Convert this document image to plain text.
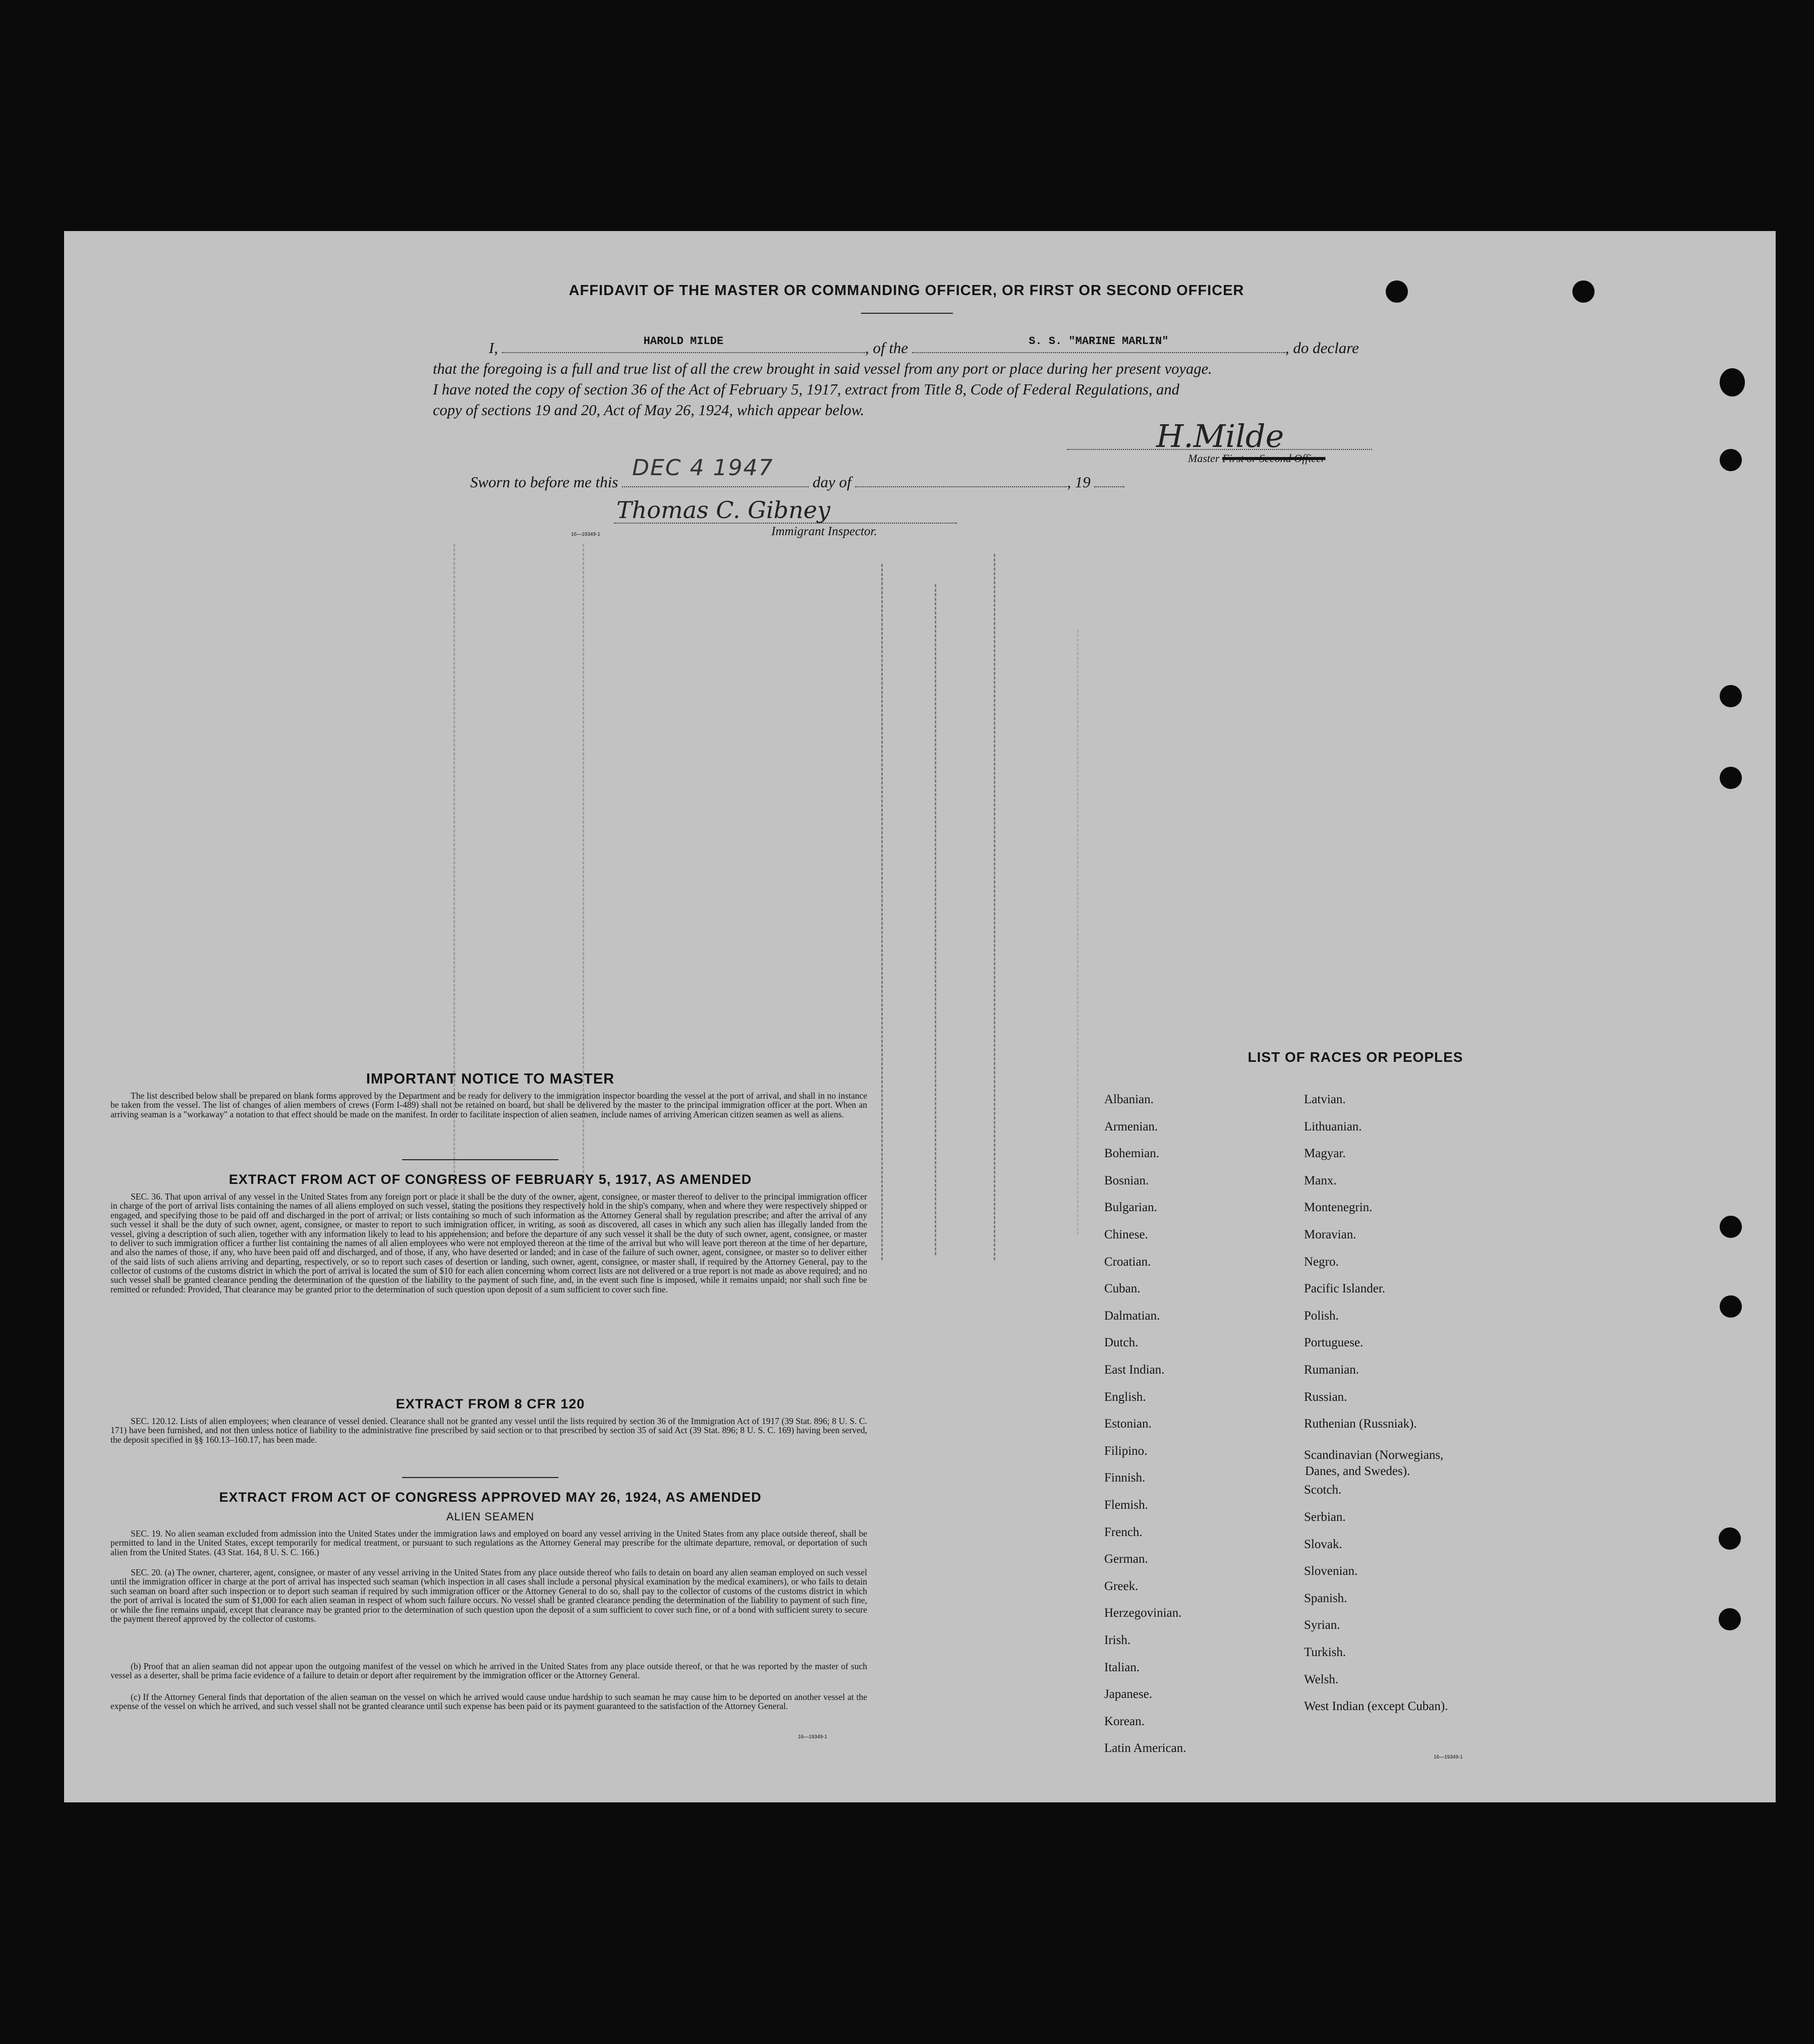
AFFIDAVIT OF THE MASTER OR COMMANDING OFFICER, OR FIRST OR SECOND OFFICER
I,	HAROLD MILDE	, of the	S. S. "MARINE MARLIN"	, do declare
that the foregoing is a full and true list of all the crew brought in said vessel from any port or place during her present voyage.
I have noted the copy of section 36 of the Act of February 5, 1917, extract from Title 8, Code of Federal Regulations, and
copy of sections 19 and 20, Act of May 26, 1924, which appear below.
H.Milde
Master First or Second Officer
Sworn to before me this
DEC 4 1947
day of	, 19
Thomas C. Gibney
Immigrant Inspector.
16—19349-1
IMPORTANT NOTICE TO MASTER
The list described below shall be prepared on blank forms approved by the Department and be ready for delivery to the immigration inspector boarding the vessel at the port of arrival, and shall in no instance be taken from the vessel. The list of changes of alien members of crews (Form I-489) shall not be retained on board, but shall be delivered by the master to the principal immigration officer at the port. When an arriving seaman is a "workaway" a notation to that effect should be made on the manifest. In order to facilitate inspection of alien seamen, include names of arriving American citizen seamen as well as aliens.
EXTRACT FROM ACT OF CONGRESS OF FEBRUARY 5, 1917, AS AMENDED
SEC. 36. That upon arrival of any vessel in the United States from any foreign port or place it shall be the duty of the owner, agent, consignee, or master thereof to deliver to the principal immigration officer in charge of the port of arrival lists containing the names of all aliens employed on such vessel, stating the positions they respectively hold in the ship's company, when and where they were respectively shipped or engaged, and specifying those to be paid off and discharged in the port of arrival; or lists containing so much of such information as the Attorney General shall by regulation prescribe; and after the arrival of any such vessel it shall be the duty of such owner, agent, consignee, or master to report to such immigration officer, in writing, as soon as discovered, all cases in which any such alien has illegally landed from the vessel, giving a description of such alien, together with any information likely to lead to his apprehension; and before the departure of any such vessel it shall be the duty of such owner, agent, consignee, or master to deliver to such immigration officer a further list containing the names of all alien employees who were not employed thereon at the time of the arrival but who will leave port thereon at the time of her departure, and also the names of those, if any, who have been paid off and discharged, and of those, if any, who have deserted or landed; and in case of the failure of such owner, agent, consignee, or master so to deliver either of the said lists of such aliens arriving and departing, respectively, or so to report such cases of desertion or landing, such owner, agent, consignee, or master shall, if required by the Attorney General, pay to the collector of customs of the customs district in which the port of arrival is located the sum of $10 for each alien concerning whom correct lists are not delivered or a true report is not made as above required; and no such vessel shall be granted clearance pending the determination of the question of the liability to the payment of such fine, and, in the event such fine is imposed, while it remains unpaid; nor shall such fine be remitted or refunded: Provided, That clearance may be granted prior to the determination of such question upon deposit of a sum sufficient to cover such fine.
EXTRACT FROM 8 CFR 120
SEC. 120.12. Lists of alien employees; when clearance of vessel denied. Clearance shall not be granted any vessel until the lists required by section 36 of the Immigration Act of 1917 (39 Stat. 896; 8 U. S. C. 171) have been furnished, and not then unless notice of liability to the administrative fine prescribed by said section or to that prescribed by section 35 of said Act (39 Stat. 896; 8 U. S. C. 169) having been served, the deposit specified in §§ 160.13–160.17, has been made.
EXTRACT FROM ACT OF CONGRESS APPROVED MAY 26, 1924, AS AMENDED
ALIEN SEAMEN
SEC. 19. No alien seaman excluded from admission into the United States under the immigration laws and employed on board any vessel arriving in the United States from any place outside thereof, shall be permitted to land in the United States, except temporarily for medical treatment, or pursuant to such regulations as the Attorney General may prescribe for the ultimate departure, removal, or deportation of such alien from the United States. (43 Stat. 164, 8 U. S. C. 166.)
SEC. 20. (a) The owner, charterer, agent, consignee, or master of any vessel arriving in the United States from any place outside thereof who fails to detain on board any alien seaman employed on such vessel until the immigration officer in charge at the port of arrival has inspected such seaman (which inspection in all cases shall include a personal physical examination by the medical examiners), or who fails to detain such seaman on board after such inspection or to deport such seaman if required by such immigration officer or the Attorney General to do so, shall pay to the collector of customs of the customs district in which the port of arrival is located the sum of $1,000 for each alien seaman in respect of whom such failure occurs. No vessel shall be granted clearance pending the determination of the liability to payment of such fine, or while the fine remains unpaid, except that clearance may be granted prior to the determination of such question upon the deposit of a sum sufficient to cover such fine, or of a bond with sufficient surety to secure the payment thereof approved by the collector of customs.
(b) Proof that an alien seaman did not appear upon the outgoing manifest of the vessel on which he arrived in the United States from any place outside thereof, or that he was reported by the master of such vessel as a deserter, shall be prima facie evidence of a failure to detain or deport after requirement by the immigration officer or the Attorney General.
(c) If the Attorney General finds that deportation of the alien seaman on the vessel on which he arrived would cause undue hardship to such seaman he may cause him to be deported on another vessel at the expense of the vessel on which he arrived, and such vessel shall not be granted clearance until such expense has been paid or its payment guaranteed to the satisfaction of the Attorney General.
16—19349-1
LIST OF RACES OR PEOPLES
Albanian.
Armenian.
Bohemian.
Bosnian.
Bulgarian.
Chinese.
Croatian.
Cuban.
Dalmatian.
Dutch.
East Indian.
English.
Estonian.
Filipino.
Finnish.
Flemish.
French.
German.
Greek.
Herzegovinian.
Irish.
Italian.
Japanese.
Korean.
Latin American.
Latvian.
Lithuanian.
Magyar.
Manx.
Montenegrin.
Moravian.
Negro.
Pacific Islander.
Polish.
Portuguese.
Rumanian.
Russian.
Ruthenian (Russniak).
Scandinavian (Norwegians,
Danes, and Swedes).
Scotch.
Serbian.
Slovak.
Slovenian.
Spanish.
Syrian.
Turkish.
Welsh.
West Indian (except Cuban).
16—19349-1
